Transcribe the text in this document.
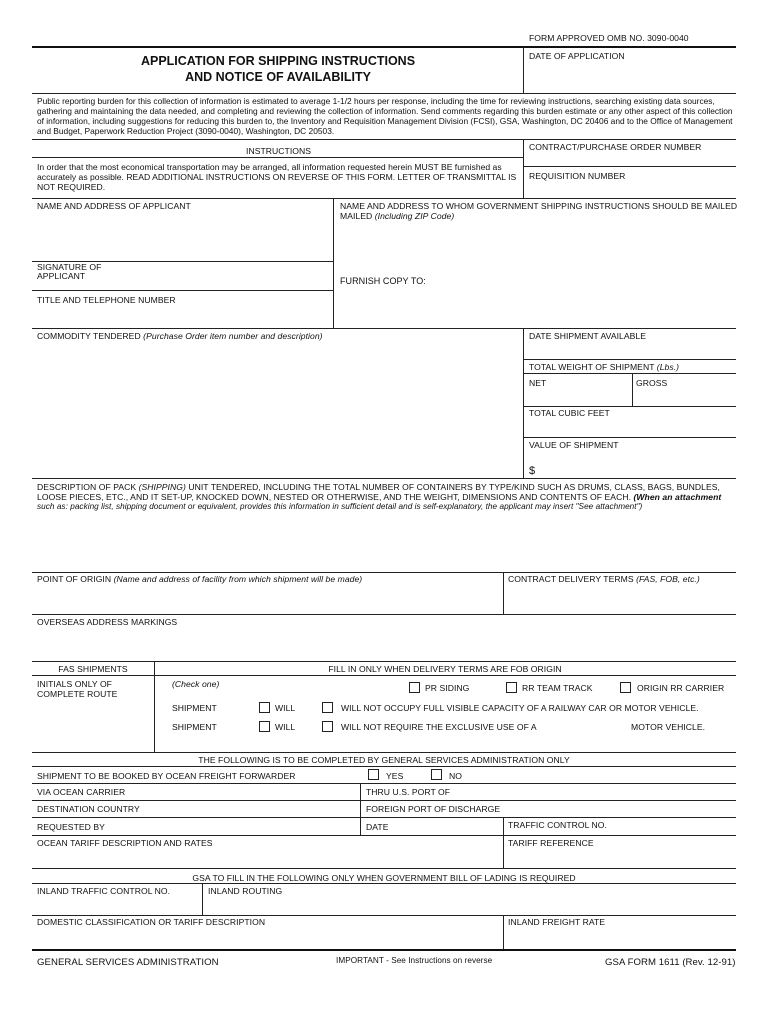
FORM APPROVED OMB NO. 3090-0040
APPLICATION FOR SHIPPING INSTRUCTIONS
AND NOTICE OF AVAILABILITY
DATE OF APPLICATION
Public reporting burden for this collection of information is estimated to average 1-1/2 hours per response, including the time for reviewing instructions, searching existing data sources, gathering and maintaining the data needed, and completing and reviewing the collection of information. Send comments regarding this burden estimate or any other aspect of this collection of information, including suggestions for reducing this burden to, the Inventory and Requisition Management Division (FCSI), GSA, Washington, DC 20406 and to the Office of Management and Budget, Paperwork Reduction Project (3090-0040), Washington, DC 20503.
INSTRUCTIONS
In order that the most economical transportation may be arranged, all information requested herein MUST BE furnished as accurately as possible. READ ADDITIONAL INSTRUCTIONS ON REVERSE OF THIS FORM. LETTER OF TRANSMITTAL IS NOT REQUIRED.
CONTRACT/PURCHASE ORDER NUMBER
REQUISITION NUMBER
NAME AND ADDRESS OF APPLICANT	NAME AND ADDRESS TO WHOM GOVERNMENT SHIPPING INSTRUCTIONS SHOULD BE MAILED
MAILED (Including ZIP Code)
SIGNATURE OF
APPLICANT	FURNISH COPY TO:
TITLE AND TELEPHONE NUMBER
COMMODITY TENDERED (Purchase Order item number and description)	DATE SHIPMENT AVAILABLE
TOTAL WEIGHT OF SHIPMENT (Lbs.)
NET	GROSS
TOTAL CUBIC FEET
VALUE OF SHIPMENT
$
DESCRIPTION OF PACK (SHIPPING) UNIT TENDERED, INCLUDING THE TOTAL NUMBER OF CONTAINERS BY TYPE/KIND SUCH AS DRUMS, CLASS, BAGS, BUNDLES,
LOOSE PIECES, ETC., AND IT SET-UP, KNOCKED DOWN, NESTED OR OTHERWISE, AND THE WEIGHT, DIMENSIONS AND CONTENTS OF EACH. (When an attachment
such as: packing list, shipping document or equivalent, provides this information in sufficient detail and is self-explanatory, the applicant may insert "See attachment")
POINT OF ORIGIN (Name and address of facility from which shipment will be made)	CONTRACT DELIVERY TERMS (FAS, FOB, etc.)
OVERSEAS ADDRESS MARKINGS
FAS SHIPMENTS	FILL IN ONLY WHEN DELIVERY TERMS ARE FOB ORIGIN
INITIALS ONLY OF
COMPLETE ROUTE
(Check one)	PR SIDING	RR TEAM TRACK	ORIGIN RR CARRIER
SHIPMENT	WILL	WILL NOT OCCUPY FULL VISIBLE CAPACITY OF A RAILWAY CAR OR MOTOR VEHICLE.
SHIPMENT	WILL	WILL NOT REQUIRE THE EXCLUSIVE USE OF A	MOTOR VEHICLE.
THE FOLLOWING IS TO BE COMPLETED BY GENERAL SERVICES ADMINISTRATION ONLY
SHIPMENT TO BE BOOKED BY OCEAN FREIGHT FORWARDER	YES	NO
VIA OCEAN CARRIER	THRU U.S. PORT OF
DESTINATION COUNTRY	FOREIGN PORT OF DISCHARGE
REQUESTED BY	DATE	TRAFFIC CONTROL NO.
OCEAN TARIFF DESCRIPTION AND RATES	TARIFF REFERENCE
GSA TO FILL IN THE FOLLOWING ONLY WHEN GOVERNMENT BILL OF LADING IS REQUIRED
INLAND TRAFFIC CONTROL NO.	INLAND ROUTING
DOMESTIC CLASSIFICATION OR TARIFF DESCRIPTION	INLAND FREIGHT RATE
GENERAL SERVICES ADMINISTRATION	IMPORTANT - See Instructions on reverse	GSA FORM 1611 (Rev. 12-91)
